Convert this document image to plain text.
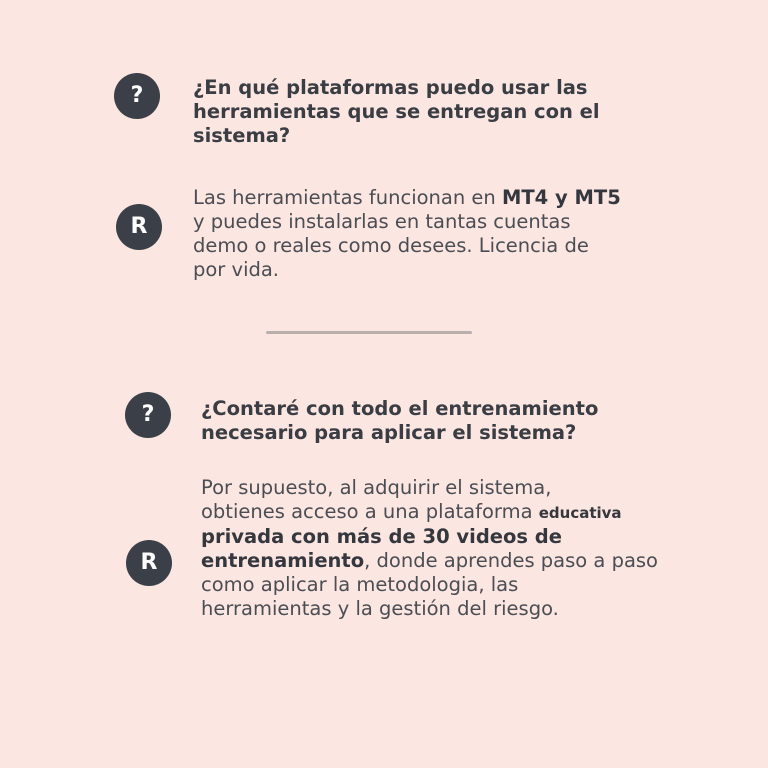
?	¿En qué plataformas puedo usar las
herramientas que se entregan con el
sistema?
R
Las herramientas funcionan en MT4 y MT5
y puedes instalarlas en tantas cuentas
demo o reales como desees. Licencia de
por vida.
?	¿Contaré con todo el entrenamiento
necesario para aplicar el sistema?
R
Por supuesto, al adquirir el sistema,
obtienes acceso a una plataforma educativa
privada con más de 30 videos de
entrenamiento, donde aprendes paso a paso
como aplicar la metodologia, las
herramientas y la gestión del riesgo.
